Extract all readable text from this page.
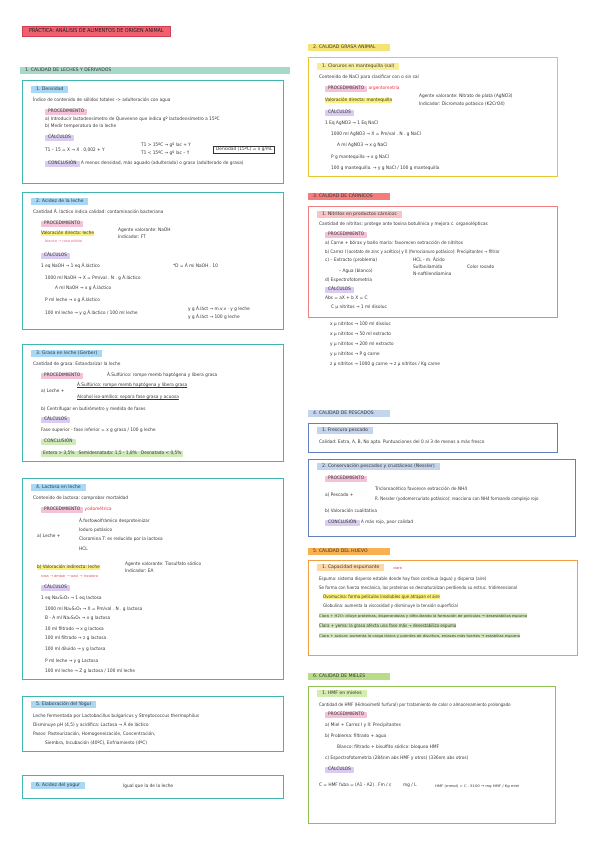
PRÁCTICA: ANÁLISIS DE ALIMENTOS DE ORIGEN ANIMAL
1. CALIDAD DE LECHES Y DERIVADOS
1. Densidad
Índice de contenido de sólidos totales -> adulteración con agua
PROCEDIMIENTO
a) Introducir lactodensímetro de Quevenne que indica gº lactodensímetro a 15ºC
b) Medir temperatura de la leche
CÁLCULOS
T1 – 15 = X → X . 0,002 + Y
T1 > 15ºC → gº lac + Y
T1 < 15ºC → gº lac – Y
Densidad (15ºC) = x g/mL
CONCLUSIÓN A menos densidad, más aguado (adulterado) o graso (adulterado de grasa)
2. Acidez de la leche
Cantidad Á. láctico indica calidad: contaminación bacteriana
PROCEDIMIENTO
Valoración directa: leche
Agente valorante: NaOH
Indicador: FT
blanco → rosa pálido
CÁLCULOS
1 eq NaOH → 1 eq Á.láctico	*D = Á mi NaOH . 10
1000 ml NaOH → X = Pm/val . N . g Á.láctico
A ml NaOH → x g Á.láctico
P ml leche → x g Á.láctico
100 ml leche → y g Á.láctico / 100 ml leche
y g Á.láct → m.v.v · y g leche
y g Á.láct → 100 g leche
3. Grasa en leche (Gerber)
Cantidad de grasa: Estandarizar la leche
PROCEDIMIENTO	Á.Sulfúrico: rompe memb haptógena y libera grasa
a) Leche +
Á.Sulfúrico: rompe memb haptógena y libera grasa
Alcohol iso-amílico: separa fase grasa y acuosa
b) Centrifugar en butirómetro y medida de fases
CÁLCULOS
Fase superior - fase inferior = x g grasa / 100 g leche
CONCLUSIÓN
Entera > 3,5% Semidesnatada: 1,5 - 1,8% Desnatada < 0,5%
4. Lactosa en leche
Contenido de lactosa: comprobar mortaldad
PROCEDIMIENTO yodométrica
a) Leche +
Á.fosfowolfrámico desproteinizar
Ioduro potásico
Cloramina T: es reducido por la lactosa
HCL
b) Valoración indirecta: leche
Agente valorante: Tiosulfato sódico
Indicador: EA
rosa → ámbar → azul → incoloro
CÁLCULOS
1 eq Na₂S₂O₃ → 1 eq lactosa
1000 ml Na₂S₂O₃ → X = Pm/val . N . g lactosa
B - A ml Na₂S₂O₃ → x g lactosa
10 ml filtrado → x g lactosa
100 ml filtrado → z g lactosa
100 ml diluido → y g lactosa
P ml leche → y g Lactosa
100 ml leche → Z g lactosa / 100 ml leche
5. Elaboración del Yogur
Leche fermentada por Lactobacillus bulgaricus y Streptococcus thermophilus
Disminuye pH (4,5) y acidifica: Lactosa → Á de láctico
Pasos: Pasteurización, Homogeneización, Concentración,
Siembra, Incubación (40ºC), Enfriamiento (4ºC)
6. Acidez del yogur	Igual que la de la leche
2. CALIDAD GRASA ANIMAL
1. Cloruros en mantequilla (sal)
Contenido de NaCl para clasificar con o sin sal
PROCEDIMIENTO argentometría
Valoración directa: mantequilla
Agente valorante: Nitrato de plata (AgNO3)
Indicador: Dicromato potásico (K2CrO4)
CÁLCULOS
1 Eq AgNO3 → 1 Eq NaCl
1000 ml AgNO3 → X = Pm/val . N . g NaCl
A ml AgNO3 → x g NaCl
P g mantequilla → x g NaCl
100 g mantequilla. → y g NaCl / 100 g mantequilla
3. CALIDAD DE CÁRNICOS
1. Nitritos en productos cárnicos
Cantidad de nitritos: protege ante toxina botulínica y mejora c. organolépticas
PROCEDIMIENTO
a) Carne + bórax y baño maría: favorecen extracción de nitritos
b) Carrez I (acetato de zinc y acético) y II (ferrocianuro potásico): Precipitantes → filtrar
c) – Extracto (problema)	HCL - m. Ácido
Sulfanilamida
N-naftilendiamina
Color rosado
– Agua (blanco)
d) Espectrofotometría
CÁLCULOS
Abs = aX + b X = C
C μ nitritos → 1 ml disoluc
x μ nitritos → 100 ml disoluc
x μ nitritos → 50 ml extracto
y μ nitritos → 200 ml extracto
y μ nitritos → P g carne
z μ nitritos → 1000 g carne → z μ nitritos / Kg carne
4. CALIDAD DE PESCADOS
1. Frescura pescado
Calidad: Extra, A, B, No apto. Puntuaciones del 0 al 3 de menos a más fresco
2. Conservación pescados y crustáceos (Nessler)
PROCEDIMIENTO
a) Pescado +
Tricloroacético favorece extracción de NH4
R. Nessler (yodomercuriato potásico): reacciona con NH4 formando complejo rojo
b) Valoración cualitativa
CONCLUSIÓN A más rojo, peor calidad
5. CALIDAD DEL HUEVO
1. Capacidad espumante	clara
Espuma: sistema disperso estable donde hay fase continua (agua) y dispersa (aire)
Se forma con fuerza mecánica, las proteínas se desnaturalizan perdiendo su estruc. tridimensional
Ovomucina: forma películas insolubles que atrapan el aire
Globulina: aumenta la viscosidad y disminuye la tensión superficial
Clara + H2O: diluye proteínas, disperandolas y dificultando la formación de películas → desestabiliza espuma
Clara + yema: la grasa afecta una fase más → desestabiliza espuma
Clara + azúcar: aumenta la carga iónica y puentes de disulfuro, enlaces más fuertes → estabiliza espuma
6. CALIDAD DE MIELES
1. HMF en mieles
Cantidad de HMF (Hidroximetil furfural) por tratamiento de calor o almacenamiento prolongado
PROCEDIMIENTO
a) Miel + Carrez I y II: Precipitantes
b) Problema: filtrado + agua
Blanco: filtrado + bisulfito sódico: bloquea HMF
c) Espectrofotometría (284nm abs HMF y otros) (336nm abs otros)
CÁLCULOS
C = HMF fuba = (A1 - A2) . Fm / ε	mg / L	HMF (mmol) = C . 5100 → mg HMF / Kg miel
